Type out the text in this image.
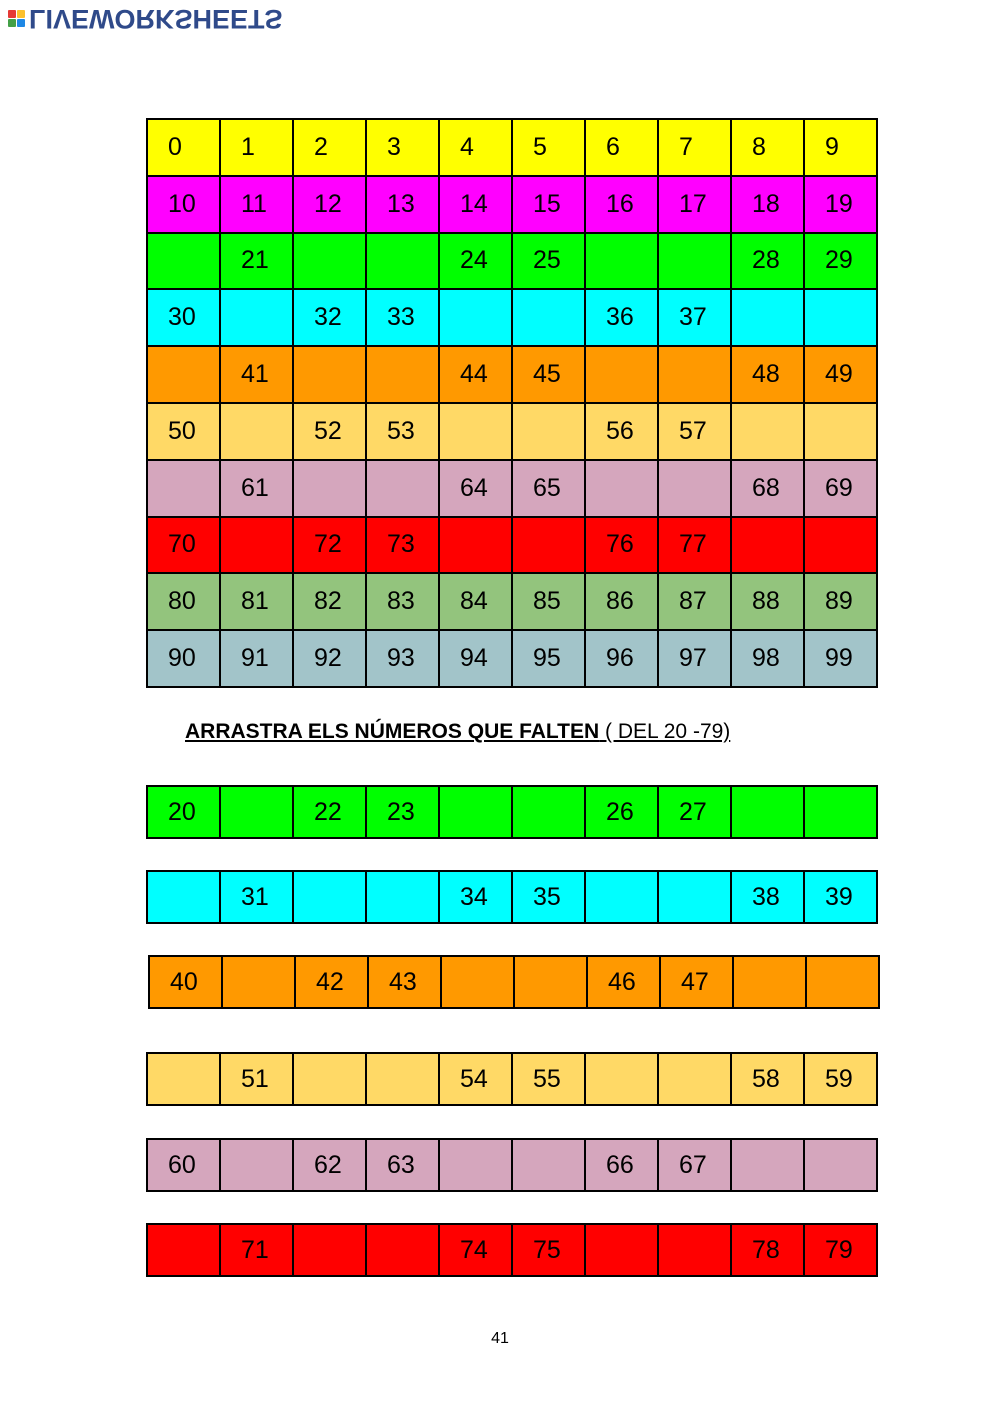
LIVEWORKSHEETS
0	1	2	3	4	5	6	7	8	9
10	11	12	13	14	15	16	17	18	19
	21			24	25			28	29
30		32	33			36	37		
	41			44	45			48	49
50		52	53			56	57		
	61			64	65			68	69
70		72	73			76	77		
80	81	82	83	84	85	86	87	88	89
90	91	92	93	94	95	96	97	98	99
ARRASTRA ELS NÚMEROS QUE FALTEN ( DEL 20 -79)
20		22	23			26	27		
	31			34	35			38	39
40		42	43			46	47		
	51			54	55			58	59
60		62	63			66	67		
	71			74	75			78	79
41
